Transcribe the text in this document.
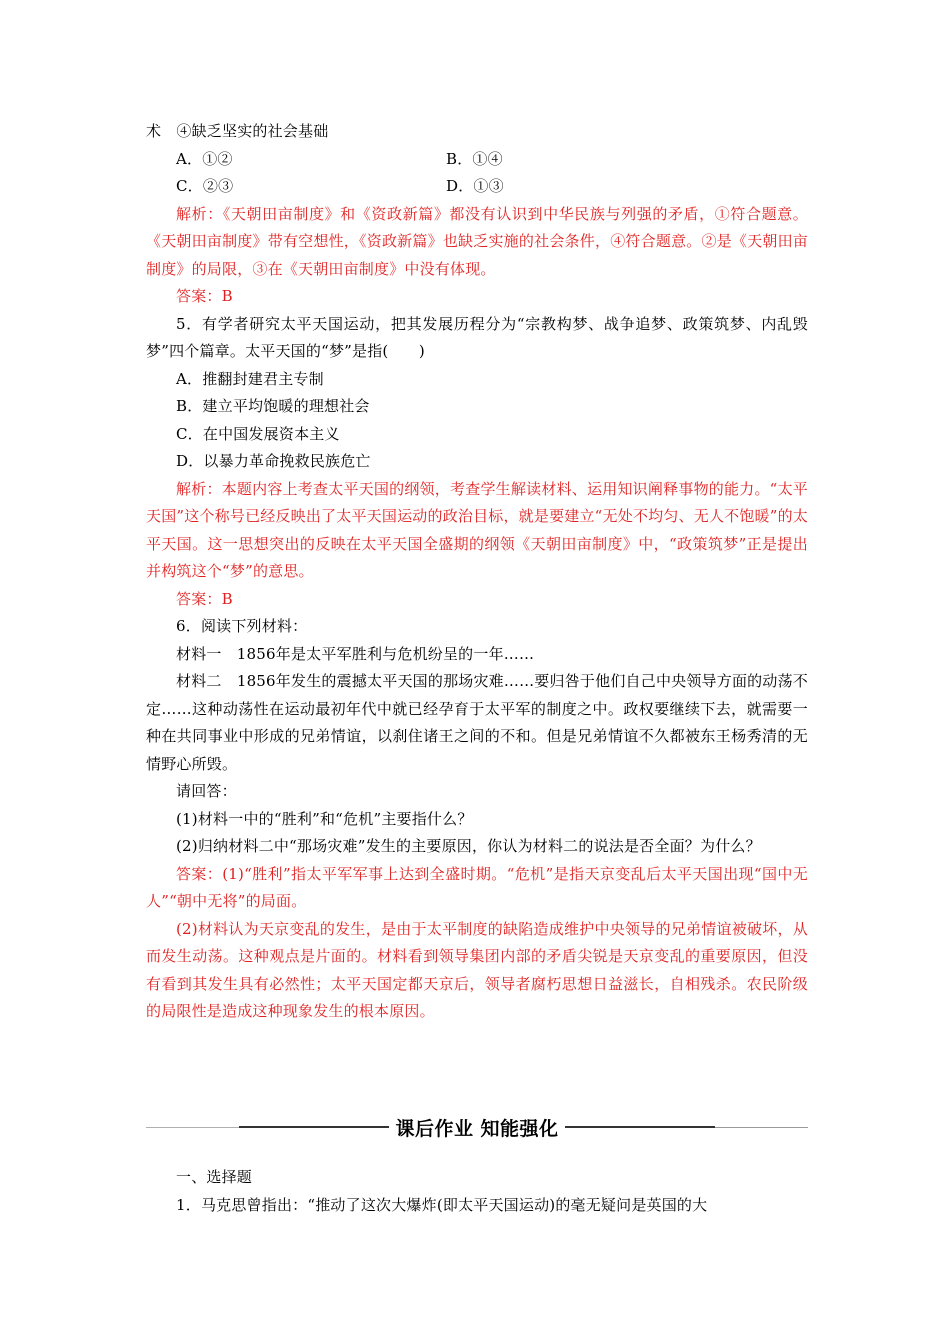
术　④缺乏坚实的社会基础

A．①②	B．①④
C．②③	D．①③

解析：《天朝田亩制度》和《资政新篇》都没有认识到中华民族与列强的矛盾，①符合题意。《天朝田亩制度》带有空想性，《资政新篇》也缺乏实施的社会条件，④符合题意。②是《天朝田亩制度》的局限，③在《天朝田亩制度》中没有体现。

答案：B

5．有学者研究太平天国运动，把其发展历程分为“宗教构梦、战争追梦、政策筑梦、内乱毁梦”四个篇章。太平天国的“梦”是指(　　)

A．推翻封建君主专制

B．建立平均饱暖的理想社会

C．在中国发展资本主义

D．以暴力革命挽救民族危亡

解析：本题内容上考查太平天国的纲领，考查学生解读材料、运用知识阐释事物的能力。“太平天国”这个称号已经反映出了太平天国运动的政治目标，就是要建立“无处不均匀、无人不饱暖”的太平天国。这一思想突出的反映在太平天国全盛期的纲领《天朝田亩制度》中，“政策筑梦”正是提出并构筑这个“梦”的意思。

答案：B

6．阅读下列材料：

材料一　1856年是太平军胜利与危机纷呈的一年……

材料二　1856年发生的震撼太平天国的那场灾难……要归咎于他们自己中央领导方面的动荡不定……这种动荡性在运动最初年代中就已经孕育于太平军的制度之中。政权要继续下去，就需要一种在共同事业中形成的兄弟情谊，以刹住诸王之间的不和。但是兄弟情谊不久都被东王杨秀清的无情野心所毁。

请回答：

(1)材料一中的“胜利”和“危机”主要指什么？

(2)归纳材料二中“那场灾难”发生的主要原因，你认为材料二的说法是否全面？为什么？

答案：(1)“胜利”指太平军军事上达到全盛时期。“危机”是指天京变乱后太平天国出现“国中无人”“朝中无将”的局面。

(2)材料认为天京变乱的发生，是由于太平制度的缺陷造成维护中央领导的兄弟情谊被破坏，从而发生动荡。这种观点是片面的。材料看到领导集团内部的矛盾尖锐是天京变乱的重要原因，但没有看到其发生具有必然性；太平天国定都天京后，领导者腐朽思想日益滋长，自相残杀。农民阶级的局限性是造成这种现象发生的根本原因。

课后作业 知能强化

一、选择题

1．马克思曾指出：“推动了这次大爆炸(即太平天国运动)的毫无疑问是英国的大
